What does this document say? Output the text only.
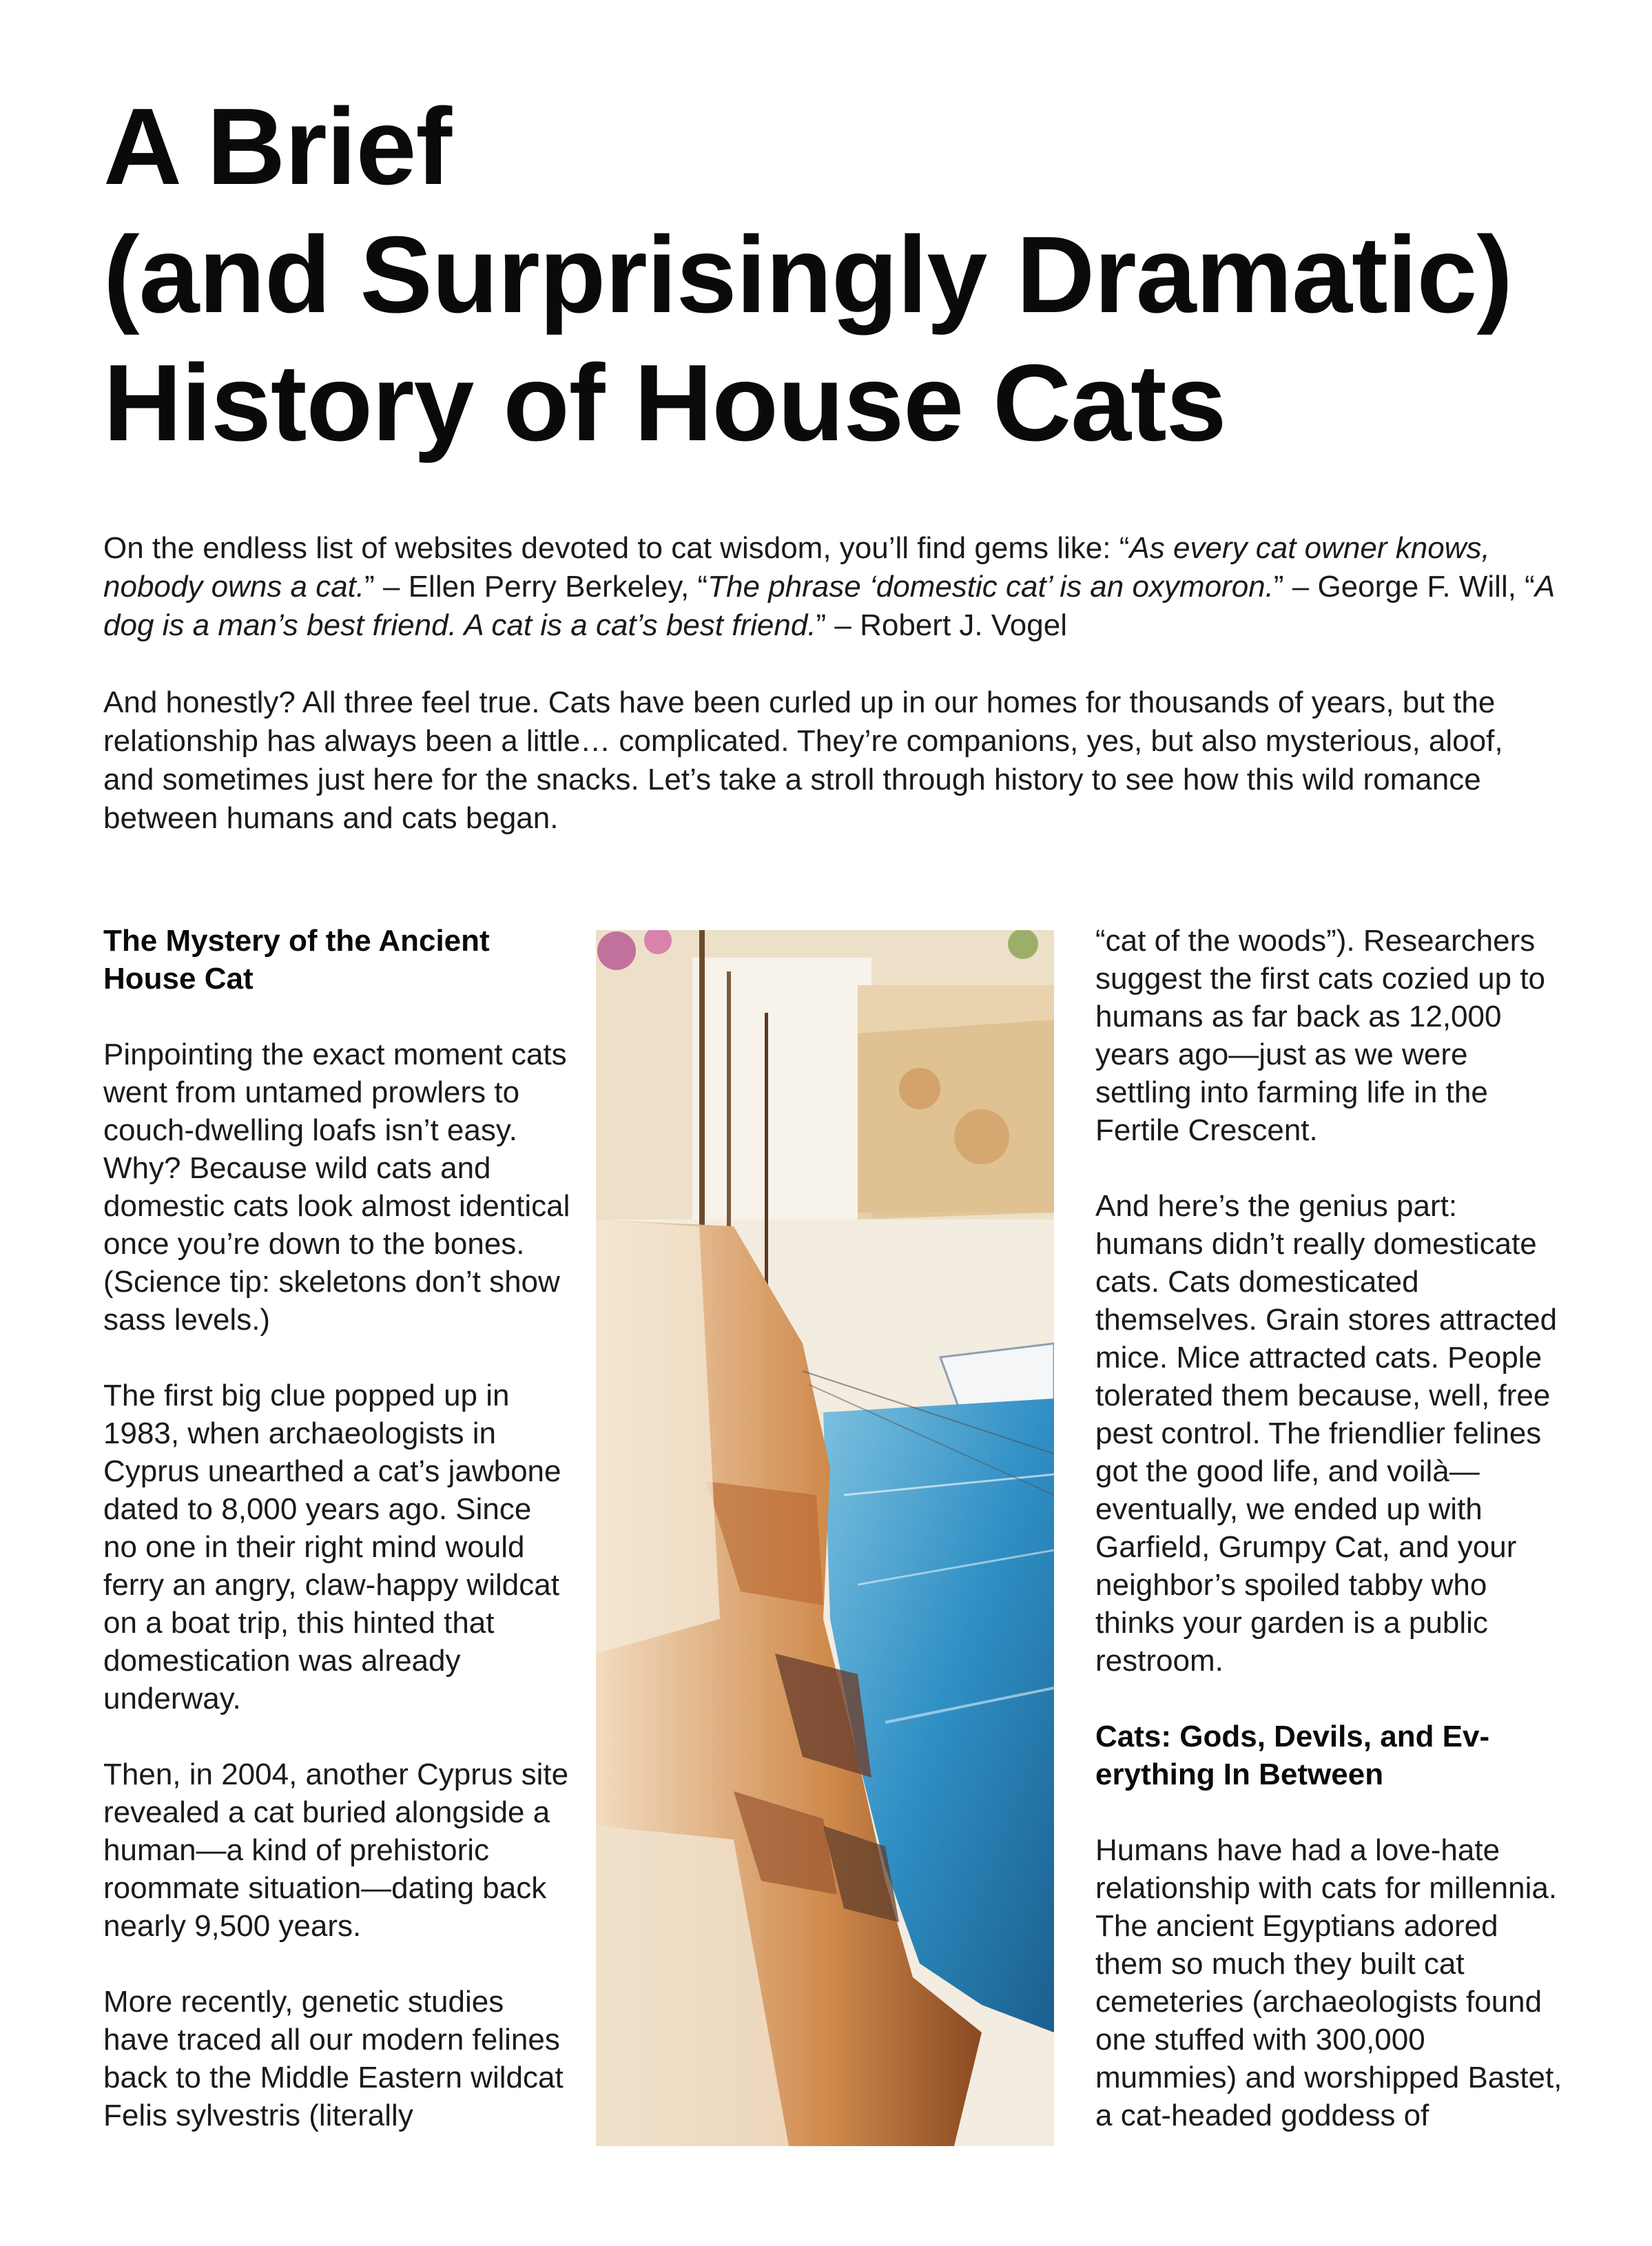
A Brief
(and Surprisingly Dramatic)
History of House Cats

On the endless list of websites devoted to cat wisdom, you’ll find gems like: “As every cat owner knows, nobody owns a cat.” – Ellen Perry Berkeley, “The phrase ‘domestic cat’ is an oxymoron.” – George F. Will, “A dog is a man’s best friend. A cat is a cat’s best friend.” – Robert J. Vogel

And honestly? All three feel true. Cats have been curled up in our homes for thousands of years, but the relationship has always been a little… complicated. They’re companions, yes, but also mysterious, aloof, and sometimes just here for the snacks. Let’s take a stroll through history to see how this wild romance between humans and cats began.

The Mystery of the Ancient House Cat

Pinpointing the exact moment cats went from untamed prowlers to couch-dwelling loafs isn’t easy. Why? Because wild cats and domestic cats look almost identical once you’re down to the bones. (Science tip: skeletons don’t show sass levels.)

The first big clue popped up in 1983, when archaeologists in Cyprus unearthed a cat’s jawbone dated to 8,000 years ago. Since no one in their right mind would ferry an angry, claw-happy wildcat on a boat trip, this hinted that domestication was already underway.

Then, in 2004, another Cyprus site revealed a cat buried alongside a human—a kind of prehistoric roommate situation—dating back nearly 9,500 years.

More recently, genetic studies have traced all our modern felines back to the Middle Eastern wildcat Felis sylvestris (literally

“cat of the woods”). Researchers suggest the first cats cozied up to humans as far back as 12,000 years ago—just as we were settling into farming life in the Fertile Crescent.

And here’s the genius part: humans didn’t really domesticate cats. Cats domesticated themselves. Grain stores attracted mice. Mice attracted cats. People tolerated them because, well, free pest control. The friendlier felines got the good life, and voilà—eventually, we ended up with Garfield, Grumpy Cat, and your neighbor’s spoiled tabby who thinks your garden is a public restroom.

Cats: Gods, Devils, and Everything In Between

Humans have had a love-hate relationship with cats for millennia. The ancient Egyptians adored them so much they built cat cemeteries (archaeologists found one stuffed with 300,000 mummies) and worshipped Bastet, a cat-headed goddess of
